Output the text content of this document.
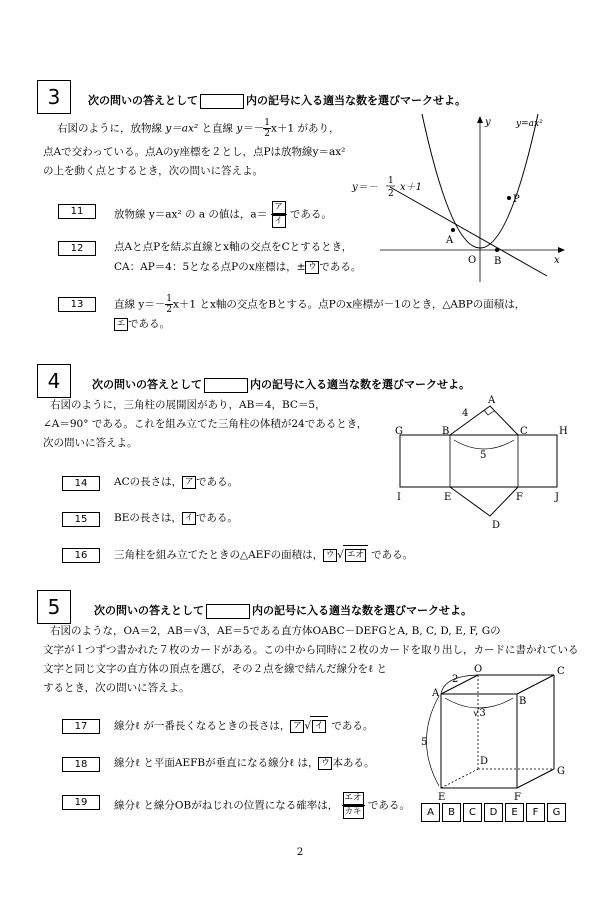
3	次の問いの答えとして	内の記号に入る適当な数を選びマークせよ。
右図のように，放物線 y＝ax² と直線 $y=- \frac{1}{2} x+1$ があり，
点Aで交わっている。点Aのy座標を２とし，点Pは放物線y＝ax²
の上を動く点とするとき，次の問いに答えよ。
11	放物線 y＝ax² の a の値は，$a= \frac{\text{ア}}{\text{イ}}$ である。
12	点Aと点Pを結ぶ直線とx軸の交点をCとするとき，
CA：AP＝4：5となる点Pのx座標は，± ウ である。
13	直線 $y=- \frac{1}{2} x+1$ とx軸の交点をBとする。点Pのx座標が－1のとき，△ABPの面積は，
エ である。
y
x
y=ax²
y＝－
1
2
x＋1
A
B
O
P
4	次の問いの答えとして	内の記号に入る適当な数を選びマークせよ。
右図のように，三角柱の展開図があり，AB＝4，BC＝5，
∠A＝90° である。これを組み立てた三角柱の体積が24であるとき，
次の問いに答えよ。
14	ACの長さは， ア である。
15	BEの長さは， イ である。
16	三角柱を組み立てたときの△AEFの面積は， ウ √ エオ である。
5
4
G	H
I	J
A
B	C
D
E	F
5	次の問いの答えとして	内の記号に入る適当な数を選びマークせよ。
右図のような，OA＝2，AB＝√3，AE＝5である直方体OABC－DEFGとA, B, C, D, E, F, Gの
文字が１つずつ書かれた７枚のカードがある。この中から同時に２枚のカードを取り出し，カードに書かれている
文字と同じ文字の直方体の頂点を選び，その２点を線で結んだ線分をℓ と
するとき，次の問いに答えよ。
17	線分ℓ が一番長くなるときの長さは， ア √ イ である。
18	線分ℓ と平面AEFBが垂直になる線分ℓ は， ウ 本ある。
19	線分ℓ と線分OBがねじれの位置になる確率は， $\frac{\text{エオ}}{\text{カキ}}$ である。
2
√3
5
O
A
B
C
D
E	F
G
A	B	C	D	E	F	G
2
